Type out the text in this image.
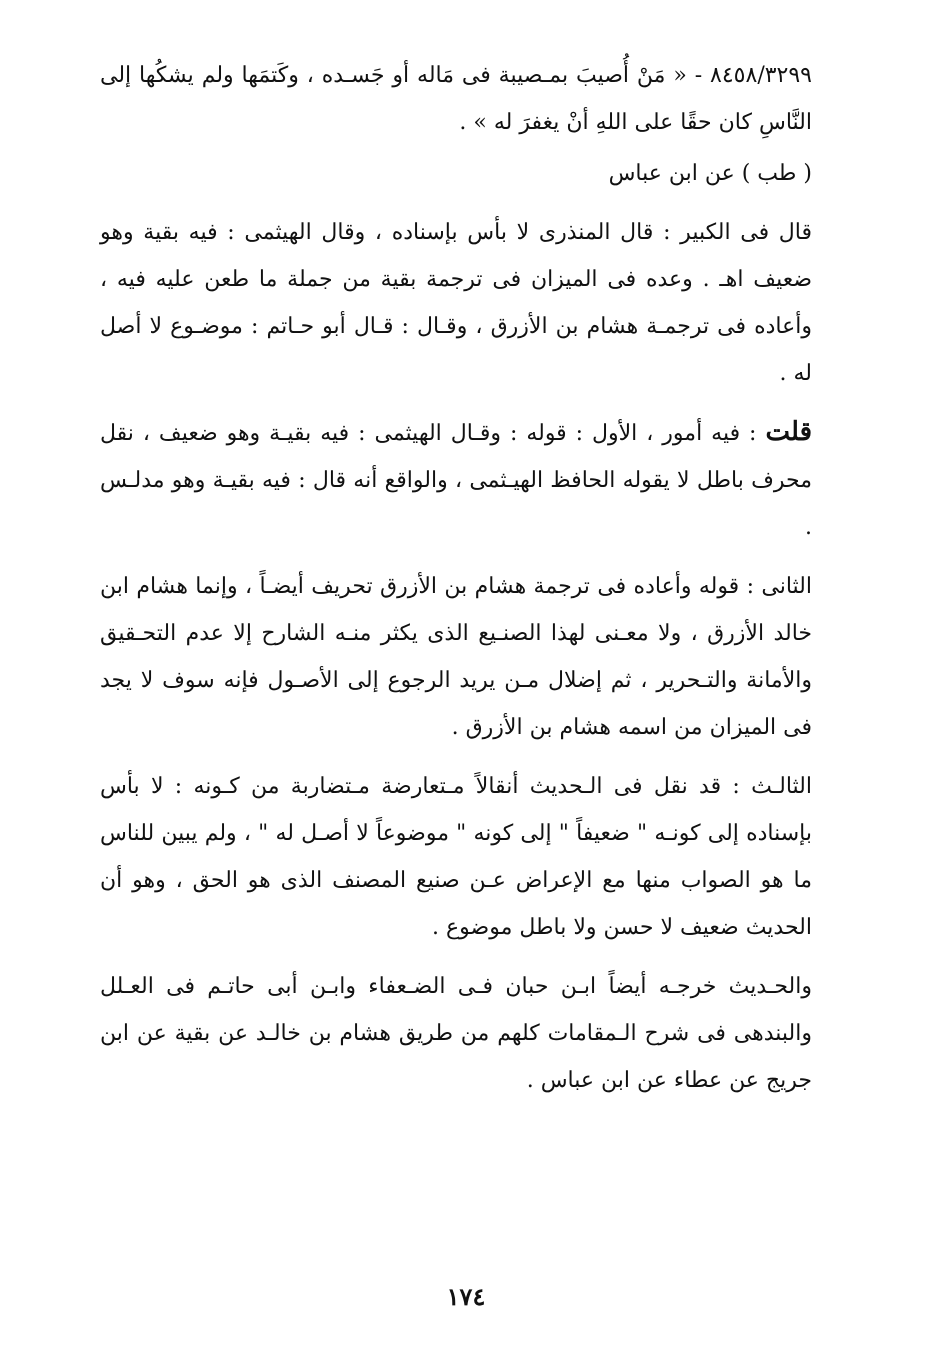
٨٤٥٨/٣٢٩٩ - « مَنْ أُصيبَ بمـصيبة فى مَاله أو جَسـده ، وكَتمَها ولم يشكُها إلى النَّاسِ كان حقًا على اللهِ أنْ يغفرَ له » .

( طب ) عن ابن عباس

قال فى الكبير : قال المنذرى لا بأس بإسناده ، وقال الهيثمى : فيه بقية وهو ضعيف اهـ . وعده فى الميزان فى ترجمة بقية من جملة ما طعن عليه فيه ، وأعاده فى ترجمـة هشام بن الأزرق ، وقـال : قـال أبو حـاتم : موضـوع لا أصل له .

قلت : فيه أمور ، الأول : قوله : وقـال الهيثمى : فيه بقيـة وهو ضعيف ، نقل محرف باطل لا يقوله الحافظ الهيـثمى ، والواقع أنه قال : فيه بقيـة وهو مدلـس .

الثانى : قوله وأعاده فى ترجمة هشام بن الأزرق تحريف أيضـاً ، وإنما هشام ابن خالد الأزرق ، ولا معـنى لهذا الصنـيع الذى يكثر منـه الشارح إلا عدم التحـقيق والأمانة والتـحرير ، ثم إضلال مـن يريد الرجوع إلى الأصـول فإنه سوف لا يجد فى الميزان من اسمه هشام بن الأزرق .

الثالـث : قد نقل فى الـحديث أنقالاً مـتعارضة مـتضاربة من كـونه : لا بأس بإسناده إلى كونـه " ضعيفاً " إلى كونه " موضوعاً لا أصـل له " ، ولم يبين للناس ما هو الصواب منها مع الإعراض عـن صنيع المصنف الذى هو الحق ، وهو أن الحديث ضعيف لا حسن ولا باطل موضوع .

والحـديث خرجـه أيضاً ابـن حبان فـى الضـعفاء وابـن أبى حاتـم فى العـلل والبندهى فى شرح الـمقامات كلهم من طريق هشام بن خالـد عن بقية عن ابن جريج عن عطاء عن ابن عباس .

١٧٤
